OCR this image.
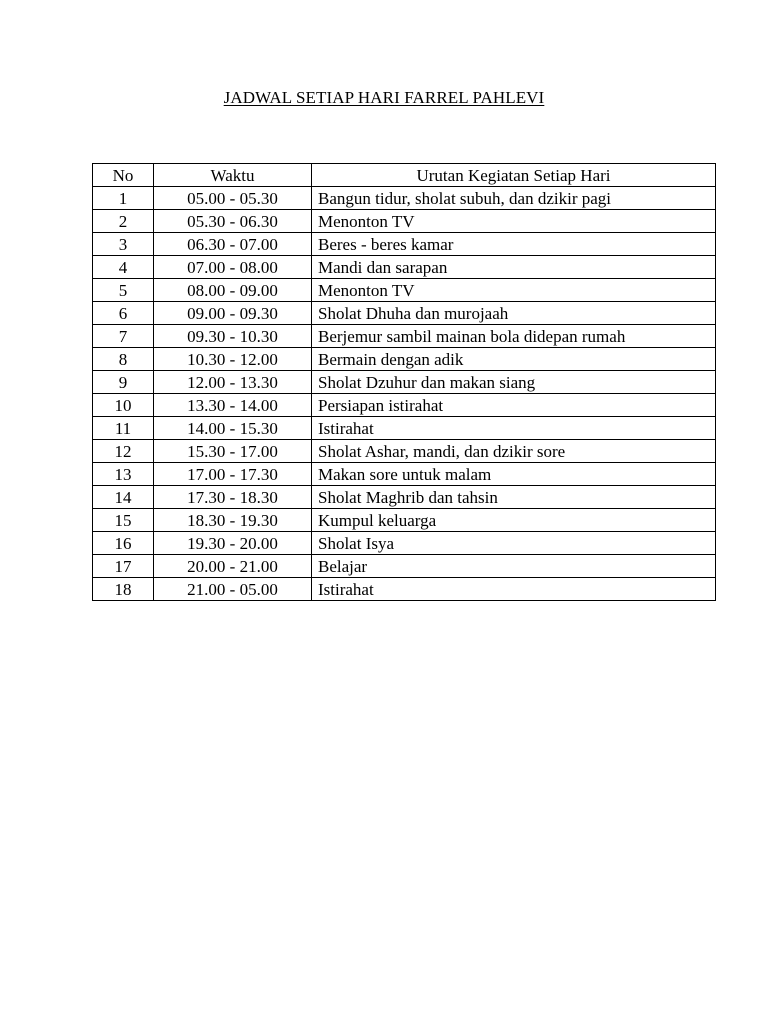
JADWAL SETIAP HARI FARREL PAHLEVI
No	Waktu	Urutan Kegiatan Setiap Hari
1	05.00 - 05.30	Bangun tidur, sholat subuh, dan dzikir pagi
2	05.30 - 06.30	Menonton TV
3	06.30 - 07.00	Beres - beres kamar
4	07.00 - 08.00	Mandi dan sarapan
5	08.00 - 09.00	Menonton TV
6	09.00 - 09.30	Sholat Dhuha dan murojaah
7	09.30 - 10.30	Berjemur sambil mainan bola didepan rumah
8	10.30 - 12.00	Bermain dengan adik
9	12.00 - 13.30	Sholat Dzuhur dan makan siang
10	13.30 - 14.00	Persiapan istirahat
11	14.00 - 15.30	Istirahat
12	15.30 - 17.00	Sholat Ashar, mandi, dan dzikir sore
13	17.00 - 17.30	Makan sore untuk malam
14	17.30 - 18.30	Sholat Maghrib dan tahsin
15	18.30 - 19.30	Kumpul keluarga
16	19.30 - 20.00	Sholat Isya
17	20.00 - 21.00	Belajar
18	21.00 - 05.00	Istirahat
